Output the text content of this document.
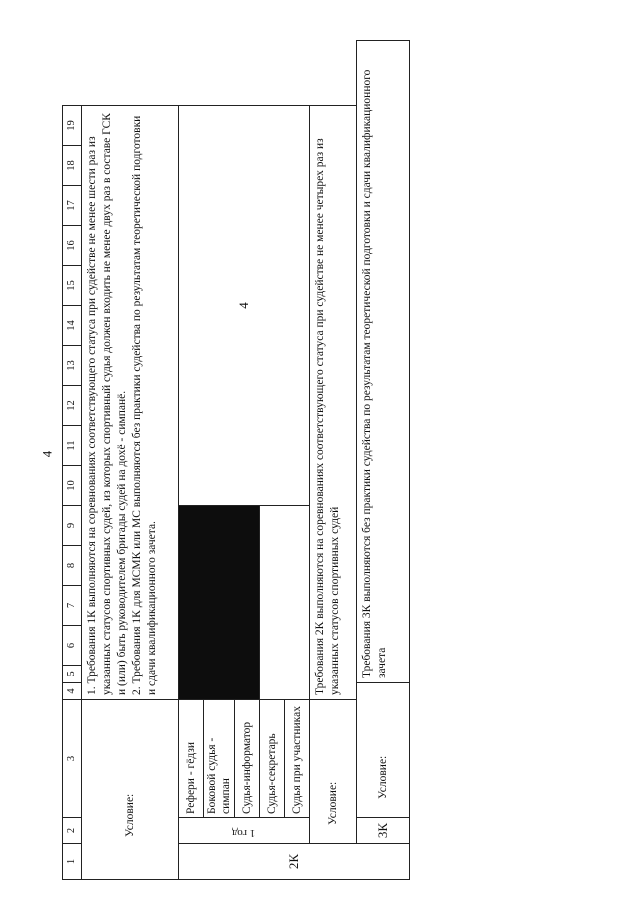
4
1	2	3	4	5	6	7	8	9	10	11	12	13	14	15	16	17	18	19
Условие:			1. Требования 1К выполняются на соревнованиях соответствующего статуса при судействе не менее шести раз из указанных статусов спортивных судей, из которых спортивный судья должен входить не менее двух раз в составе ГСК и (или) быть руководителем бригады судей на дохё - симпанё. 2. Требования 1К для МСМК или МС выполняются без практики судейства по результатам теоретической подготовки и сдачи квалификационного зачета.															

2К	1 год	Рефери - гёдзи							4									
		Боковой судья - симпан																
		Судья-информатор																
		Судья-секретарь																
		Судья при участниках																
	Условие:		Требования 2К выполняются на соревнованиях соответствующего статуса при судействе не менее четырех раз из указанных статусов спортивных судей															
	3К	Условие:		Требования 3К выполняются без практики судейства по результатам теоретической подготовки и сдачи квалификационного зачета														
